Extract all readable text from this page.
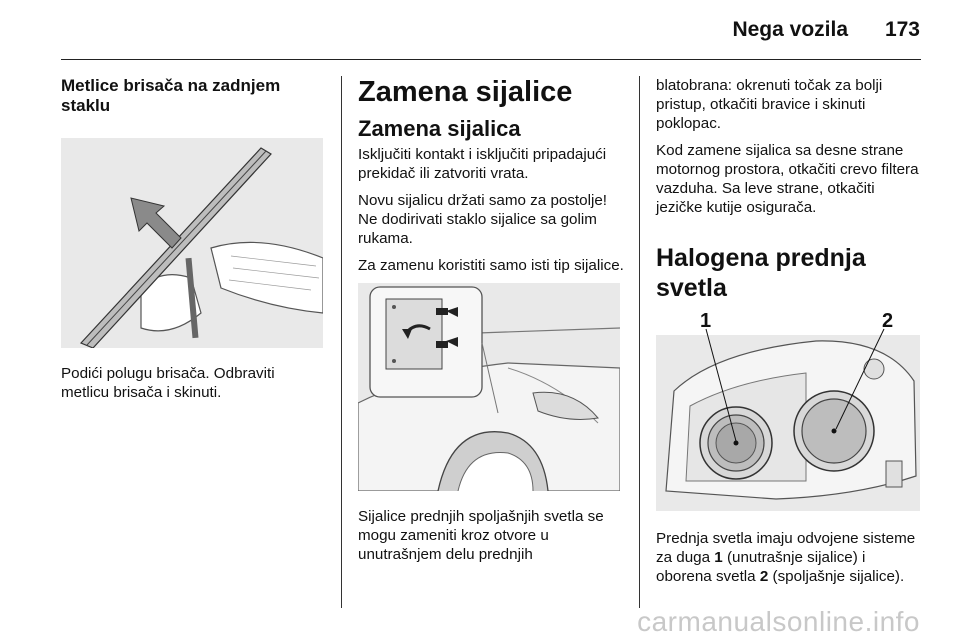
Nega vozila 173
Metlice brisača na zadnjem staklu

Podići polugu brisača. Odbraviti metlicu brisača i skinuti.

Zamena sijalice
Zamena sijalica

Isključiti kontakt i isključiti pripadajući prekidač ili zatvoriti vrata.

Novu sijalicu držati samo za postolje! Ne dodirivati staklo sijalice sa golim rukama.

Za zamenu koristiti samo isti tip sijalice.

Sijalice prednjih spoljašnjih svetla se mogu zameniti kroz otvore u unutrašnjem delu prednjih

blatobrana: okrenuti točak za bolji pristup, otkačiti bravice i skinuti poklopac.

Kod zamene sijalica sa desne strane motornog prostora, otkačiti crevo filtera vazduha. Sa leve strane, otkačiti jezičke kutije osigurača.

Halogena prednja svetla
1	2

Prednja svetla imaju odvojene sisteme za duga 1 (unutrašnje sijalice) i oborena svetla 2 (spoljašnje sijalice).

carmanualsonline.info
